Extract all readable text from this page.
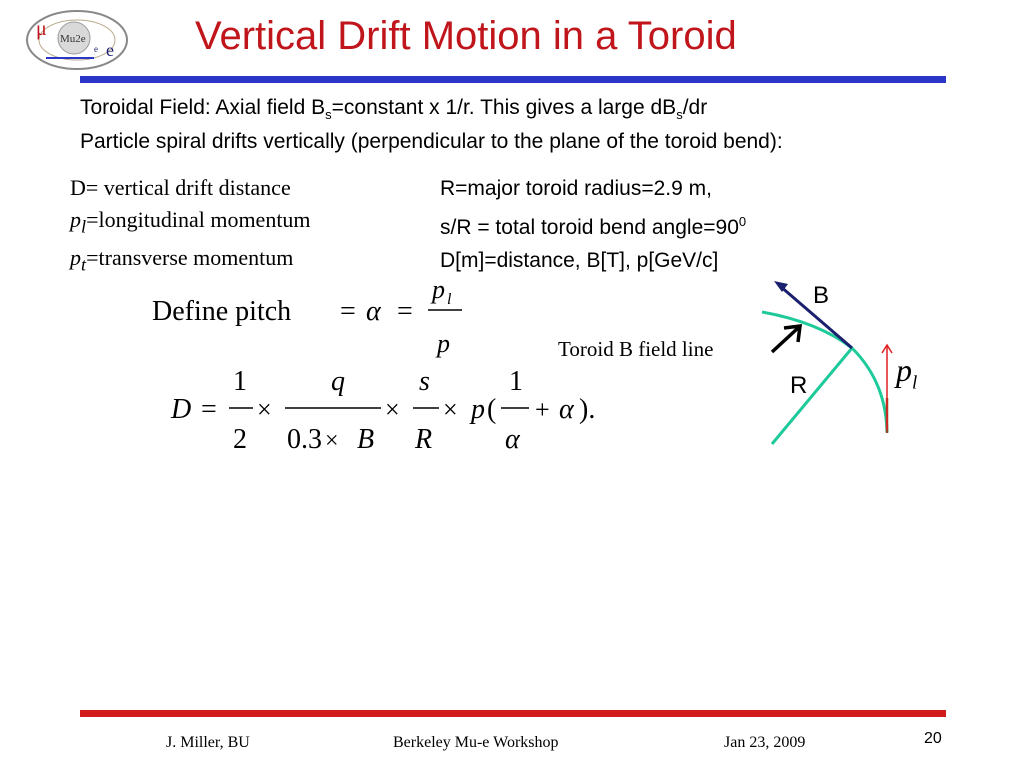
μ Mu2e
e
e Vertical Drift Motion in a Toroid
Toroidal Field: Axial field $B_s=constant$ x 1/r. This gives a large $dB_s/dr$
Particle spiral drifts vertically (perpendicular to the plane of the toroid bend):
D= vertical drift distance
$p_l=longitudinal$ momentum
$p_t=transverse$ momentum
R=major toroid radius=2.9 m,
s/R = total toroid bend $angle=90^0$
D[m]=distance, B[T], p[GeV/c]
Define pitch = α =
p l
p
D =
1
2
×
q
0.3 × B
×
s
R
× p (
1
α
+ α ).
Toroid B field line
B
R	$p_l$
J. Miller, BU	Berkeley Mu-e Workshop	Jan 23, 2009	20
